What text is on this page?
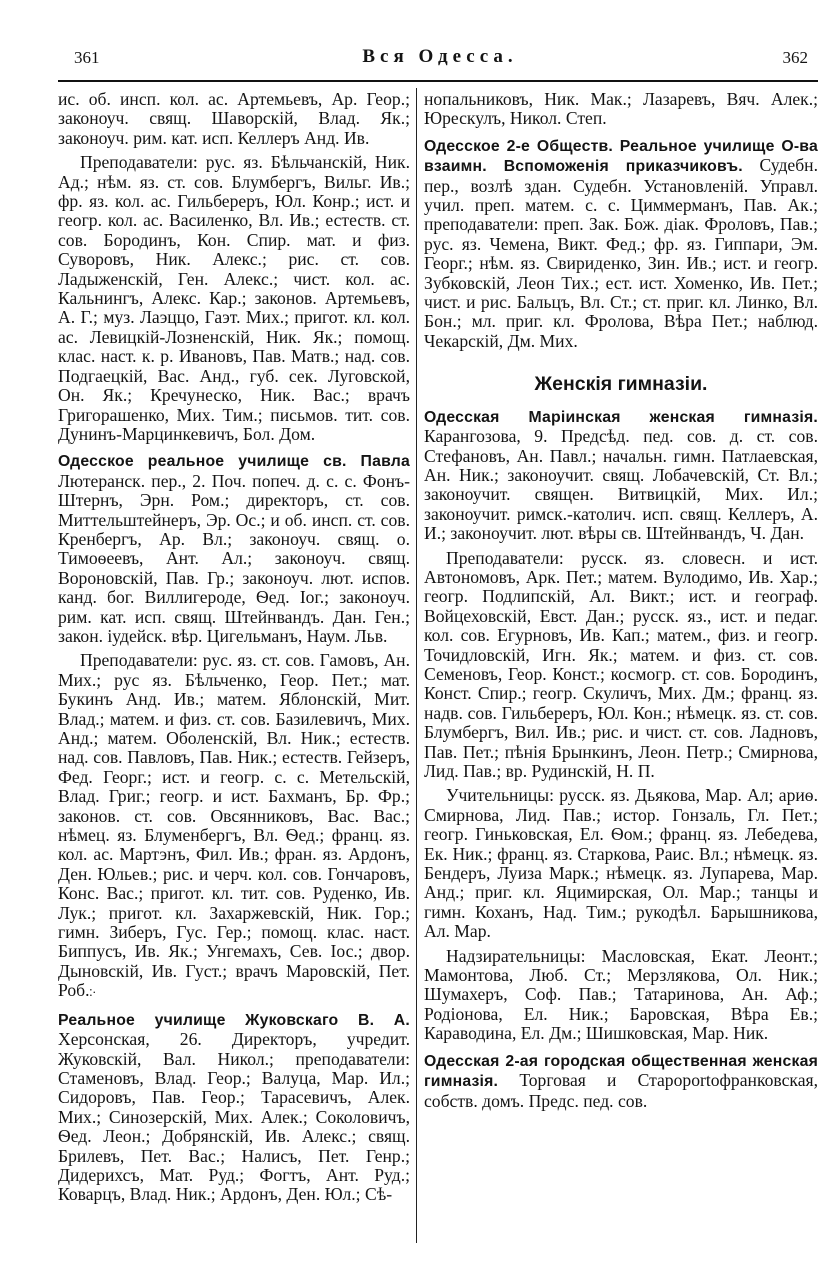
361	Вся Одесса.	362

ис. об. инсп. кол. ас. Артемьевъ, Ар. Геор.; законоуч. свящ. Шаворскій, Влад. Як.; законоуч. рим. кат. исп. Келлеръ Анд. Ив.

Преподаватели: рус. яз. Бѣльчанскій, Ник. Ад.; нѣм. яз. ст. сов. Блумбергъ, Вильг. Ив.; фр. яз. кол. ас. Гильбереръ, Юл. Конр.; ист. и геогр. кол. ас. Василенко, Вл. Ив.; естеств. ст. сов. Бородинъ, Кон. Спир. мат. и физ. Суворовъ, Ник. Алекс.; рис. ст. сов. Ладыженскій, Ген. Алекс.; чист. кол. ас. Кальнингъ, Алекс. Кар.; законов. Артемьевъ, А. Г.; муз. Лаэццо, Гаэт. Мих.; пригот. кл. кол. ас. Левицкій-Лозненскій, Ник. Як.; помощ. клас. наст. к. р. Ивановъ, Пав. Матв.; над. сов. Подгаецкій, Вас. Анд., губ. сек. Луговской, Он. Як.; Кречунеско, Ник. Вас.; врачъ Григорашенко, Мих. Тим.; письмов. тит. сов. Дунинъ-Марцинкевичъ, Бол. Дом.

Одесское реальное училище св. Павла Лютеранск. пер., 2. Поч. попеч. д. с. с. Фонъ-Штернъ, Эрн. Ром.; директоръ, ст. сов. Миттельштейнеръ, Эр. Ос.; и об. инсп. ст. сов. Кренбергъ, Ар. Вл.; законоуч. свящ. о. Тимоѳеевъ, Ант. Ал.; законоуч. свящ. Вороновскій, Пав. Гр.; законоуч. лют. испов. канд. бог. Виллигероде, Ѳед. Іог.; законоуч. рим. кат. исп. свящ. Штейнвандъ. Дан. Ген.; закон. іудейск. вѣр. Цигельманъ, Наум. Льв.

Преподаватели: рус. яз. ст. сов. Гамовъ, Ан. Мих.; рус яз. Бѣльченко, Геор. Пет.; мат. Букинъ Анд. Ив.; матем. Яблонскій, Мит. Влад.; матем. и физ. ст. сов. Базилевичъ, Мих. Анд.; матем. Оболенскій, Вл. Ник.; естеств. над. сов. Павловъ, Пав. Ник.; естеств. Гейзеръ, Фед. Георг.; ист. и геогр. с. с. Метельскій, Влад. Григ.; геогр. и ист. Бахманъ, Бр. Фр.; законов. ст. сов. Овсянниковъ, Вас. Вас.; нѣмец. яз. Блуменбергъ, Вл. Ѳед.; франц. яз. кол. ас. Мартэнъ, Фил. Ив.; фран. яз. Ардонъ, Ден. Юльев.; рис. и черч. кол. сов. Гончаровъ, Конс. Вас.; пригот. кл. тит. сов. Руденко, Ив. Лук.; пригот. кл. Захаржевскій, Ник. Гор.; гимн. Зиберъ, Гус. Гер.; помощ. клас. наст. Биппусъ, Ив. Як.; Унгемахъ, Сев. Іос.; двор. Дыновскій, Ив. Густ.; врачъ Маровскій, Пет. Роб.჻

Реальное училище Жуковскаго В. А. Херсонская, 26. Директоръ, учредит. Жуковскій, Вал. Никол.; преподаватели: Стаменовъ, Влад. Геор.; Валуца, Мар. Ил.; Сидоровъ, Пав. Геор.; Тарасевичъ, Алек. Мих.; Синозерскій, Мих. Алек.; Соколовичъ, Ѳед. Леон.; Добрянскій, Ив. Алекс.; свящ. Брилевъ, Пет. Вас.; Налисъ, Пет. Генр.; Дидерихсъ, Мат. Руд.; Фогтъ, Ант. Руд.; Коварцъ, Влад. Ник.; Ардонъ, Ден. Юл.; Сѣ-

нопальниковъ, Ник. Мак.; Лазаревъ, Вяч. Алек.; Юрескулъ, Никол. Степ.

Одесское 2-е Обществ. Реальное училище О-ва взаимн. Вспоможенія приказчиковъ. Судебн. пер., возлѣ здан. Судебн. Установленій. Управл. учил. преп. матем. с. с. Циммерманъ, Пав. Ак.; преподаватели: преп. Зак. Бож. діак. Фроловъ, Пав.; рус. яз. Чемена, Викт. Фед.; фр. яз. Гиппари, Эм. Георг.; нѣм. яз. Свириденко, Зин. Ив.; ист. и геогр. Зубковскій, Леон Тих.; ест. ист. Хоменко, Ив. Пет.; чист. и рис. Бальцъ, Вл. Ст.; ст. приг. кл. Линко, Вл. Бон.; мл. приг. кл. Фролова, Вѣра Пет.; наблюд. Чекарскій, Дм. Мих.

Женскія гимназіи.

Одесская Маріинская женская гимназія. Карангозова, 9. Предсѣд. пед. сов. д. ст. сов. Стефановъ, Ан. Павл.; начальн. гимн. Патлаевская, Ан. Ник.; законоучит. свящ. Лобачевскій, Ст. Вл.; законоучит. священ. Витвицкій, Мих. Ил.; законоучит. римск.-католич. исп. свящ. Келлеръ, А. И.; законоучит. лют. вѣры св. Штейнвандъ, Ч. Дан.

Преподаватели: русск. яз. словесн. и ист. Автономовъ, Арк. Пет.; матем. Вулодимо, Ив. Хар.; геогр. Подлипскій, Ал. Викт.; ист. и географ. Войцеховскій, Евст. Дан.; русск. яз., ист. и педаг. кол. сов. Егурновъ, Ив. Кап.; матем., физ. и геогр. Точидловскій, Игн. Як.; матем. и физ. ст. сов. Семеновъ, Геор. Конст.; космогр. ст. сов. Бородинъ, Конст. Спир.; геогр. Скуличъ, Мих. Дм.; франц. яз. надв. сов. Гильбереръ, Юл. Кон.; нѣмецк. яз. ст. сов. Блумбергъ, Вил. Ив.; рис. и чист. ст. сов. Ладновъ, Пав. Пет.; пѣнія Брынкинъ, Леон. Петр.; Смирнова, Лид. Пав.; вр. Рудинскій, Н. П.

Учительницы: русск. яз. Дьякова, Мар. Ал; ариѳ. Смирнова, Лид. Пав.; истор. Гонзаль, Гл. Пет.; геогр. Гиньковская, Ел. Ѳом.; франц. яз. Лебедева, Ек. Ник.; франц. яз. Старкова, Раис. Вл.; нѣмецк. яз. Бендеръ, Луиза Марк.; нѣмецк. яз. Лупарева, Мар. Анд.; приг. кл. Яцимирская, Ол. Мар.; танцы и гимн. Коханъ, Над. Тим.; рукодѣл. Барышникова, Ал. Мар.

Надзирательницы: Масловская, Екат. Леонт.; Мамонтова, Люб. Ст.; Мерзлякова, Ол. Ник.; Шумахеръ, Соф. Пав.; Татаринова, Ан. Аф.; Родіонова, Ел. Ник.; Баровская, Вѣра Ев.; Караводина, Ел. Дм.; Шишковская, Мар. Ник.

Одесская 2-ая городская общественная женская гимназія. Торговая и Староportофранковская, собств. домъ. Предс. пед. сов.
